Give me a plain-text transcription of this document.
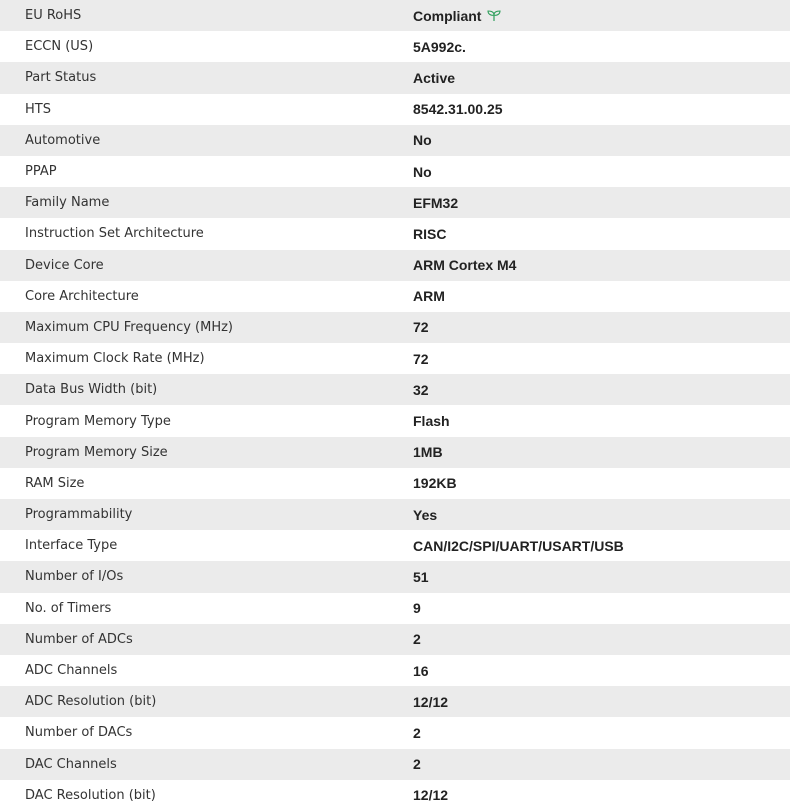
EU RoHS	Compliant
ECCN (US)	5A992c.
Part Status	Active
HTS	8542.31.00.25
Automotive	No
PPAP	No
Family Name	EFM32
Instruction Set Architecture	RISC
Device Core	ARM Cortex M4
Core Architecture	ARM
Maximum CPU Frequency (MHz)	72
Maximum Clock Rate (MHz)	72
Data Bus Width (bit)	32
Program Memory Type	Flash
Program Memory Size	1MB
RAM Size	192KB
Programmability	Yes
Interface Type	CAN/I2C/SPI/UART/USART/USB
Number of I/Os	51
No. of Timers	9
Number of ADCs	2
ADC Channels	16
ADC Resolution (bit)	12/12
Number of DACs	2
DAC Channels	2
DAC Resolution (bit)	12/12
